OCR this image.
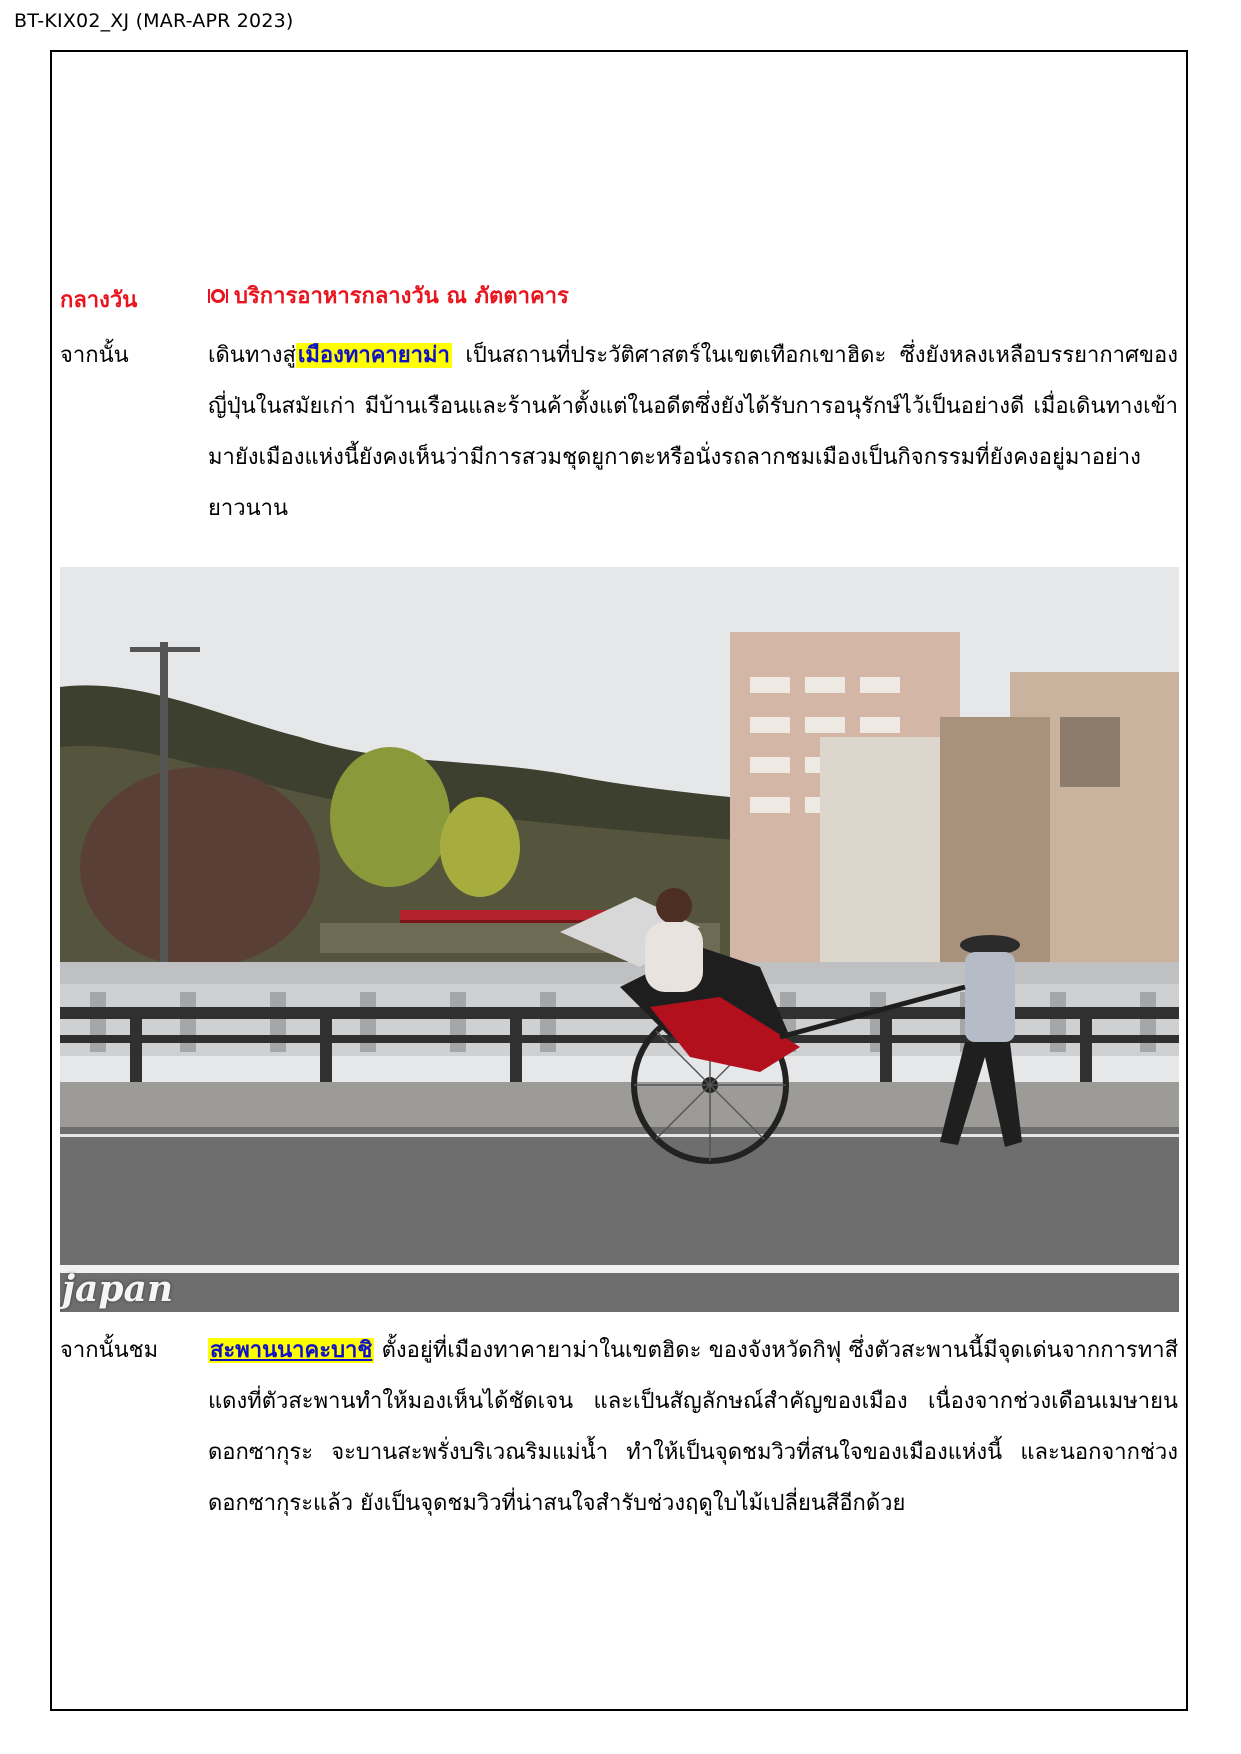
BT-KIX02_XJ (MAR-APR 2023)
กลางวัน	บริการอาหารกลางวัน ณ ภัตตาคาร
จากนั้น	เดินทางสู่เมืองทาคายาม่า เป็นสถานที่ประวัติศาสตร์ในเขตเทือกเขาฮิดะ ซึ่งยังหลงเหลือบรรยากาศของญี่ปุ่นในสมัยเก่า มีบ้านเรือนและร้านค้าตั้งแต่ในอดีตซึ่งยังได้รับการอนุรักษ์ไว้เป็นอย่างดี เมื่อเดินทางเข้ามายังเมืองแห่งนี้ยังคงเห็นว่ามีการสวมชุดยูกาตะหรือนั่งรถลากชมเมืองเป็นกิจกรรมที่ยังคงอยู่มาอย่างยาวนาน
japan
จากนั้นชม สะพานนาคะบาชิ ตั้งอยู่ที่เมืองทาคายาม่าในเขตฮิดะ ของจังหวัดกิฟุ ซึ่งตัวสะพานนี้มีจุดเด่นจากการทาสีแดงที่ตัวสะพานทำให้มองเห็นได้ชัดเจน และเป็นสัญลักษณ์สำคัญของเมือง เนื่องจากช่วงเดือนเมษายน ดอกซากุระ จะบานสะพรั่งบริเวณริมแม่น้ำ ทำให้เป็นจุดชมวิวที่สนใจของเมืองแห่งนี้ และนอกจากช่วงดอกซากุระแล้ว ยังเป็นจุดชมวิวที่น่าสนใจสำรับช่วงฤดูใบไม้เปลี่ยนสีอีกด้วย
